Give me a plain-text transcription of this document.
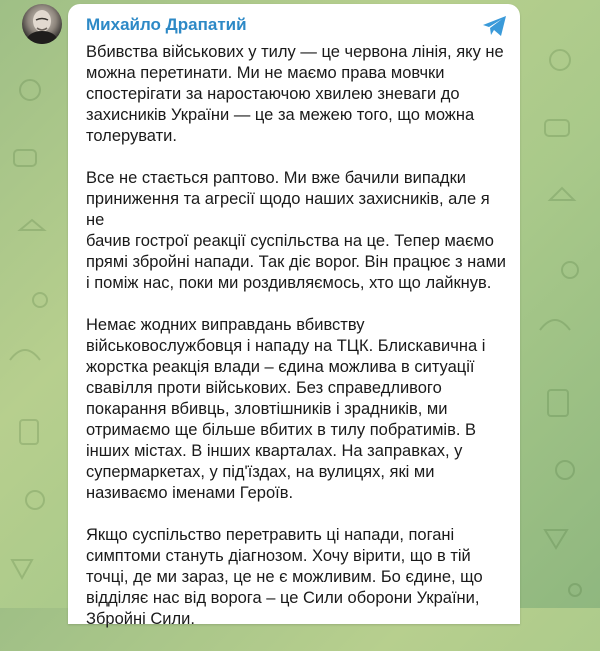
Михайло Драпатий

Вбивства військових у тилу — це червона лінія, яку не
можна перетинати. Ми не маємо права мовчки
спостерігати за наростаючою хвилею зневаги до
захисників України — це за межею того, що можна
толерувати.

Все не стається раптово. Ми вже бачили випадки
приниження та агресії щодо наших захисників, але я не
бачив гострої реакції суспільства на це. Тепер маємо
прямі збройні напади. Так діє ворог. Він працює з нами
і поміж нас, поки ми роздивляємось, хто що лайкнув.

Немає жодних виправдань вбивству
військовослужбовця і нападу на ТЦК. Блискавична і
жорстка реакція влади – єдина можлива в ситуації
свавілля проти військових. Без справедливого
покарання вбивць, зловтішників і зрадників, ми
отримаємо ще більше вбитих в тилу побратимів. В
інших містах. В інших кварталах. На заправках, у
супермаркетах, у під'їздах, на вулицях, які ми
називаємо іменами Героїв.

Якщо суспільство перетравить ці напади, погані
симптоми стануть діагнозом. Хочу вірити, що в тій
точці, де ми зараз, це не є можливим. Бо єдине, що
відділяє нас від ворога – це Сили оборони України,
Збройні Сили.
